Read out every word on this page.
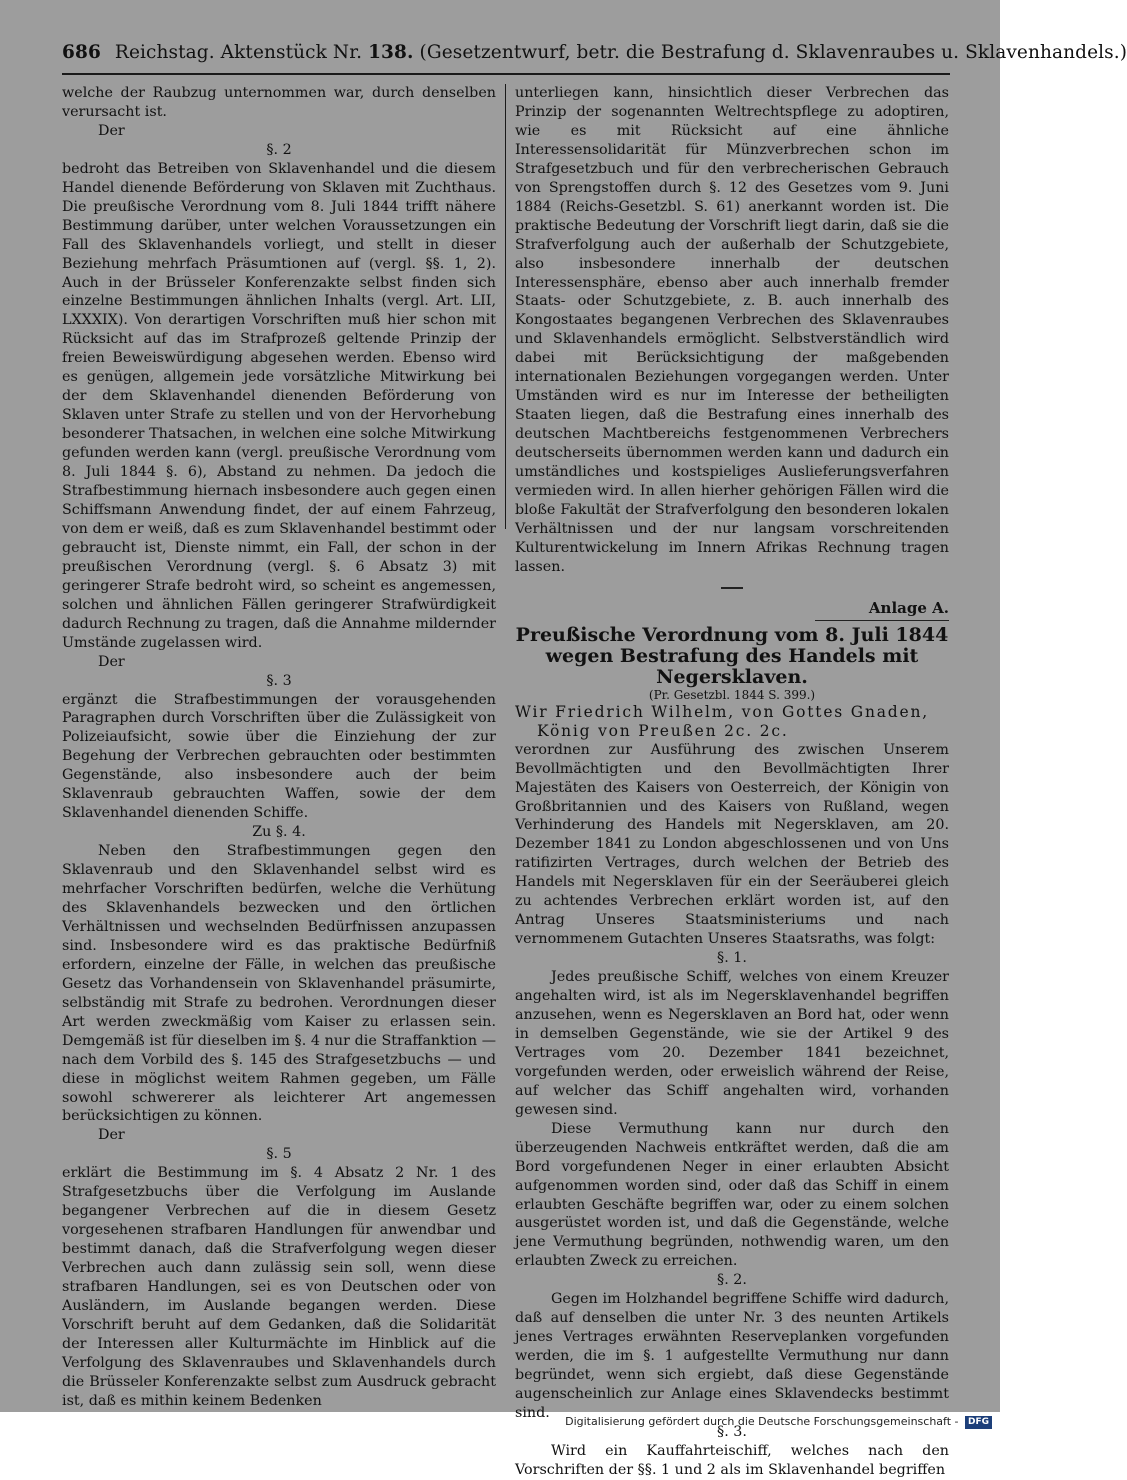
686 Reichstag. Aktenstück Nr. 138. (Gesetzentwurf, betr. die Bestrafung d. Sklavenraubes u. Sklavenhandels.)

welche der Raubzug unternommen war, durch denselben verursacht ist.

Der

§. 2

bedroht das Betreiben von Sklavenhandel und die diesem Handel dienende Beförderung von Sklaven mit Zuchthaus. Die preußische Verordnung vom 8. Juli 1844 trifft nähere Bestimmung darüber, unter welchen Voraussetzungen ein Fall des Sklavenhandels vorliegt, und stellt in dieser Beziehung mehrfach Präsumtionen auf (vergl. §§. 1, 2). Auch in der Brüsseler Konferenzakte selbst finden sich einzelne Bestimmungen ähnlichen Inhalts (vergl. Art. LII, LXXXIX). Von derartigen Vorschriften muß hier schon mit Rücksicht auf das im Strafprozeß geltende Prinzip der freien Beweiswürdigung abgesehen werden. Ebenso wird es genügen, allgemein jede vorsätzliche Mitwirkung bei der dem Sklavenhandel dienenden Beförderung von Sklaven unter Strafe zu stellen und von der Hervorhebung besonderer Thatsachen, in welchen eine solche Mitwirkung gefunden werden kann (vergl. preußische Verordnung vom 8. Juli 1844 §. 6), Abstand zu nehmen. Da jedoch die Strafbestimmung hiernach insbesondere auch gegen einen Schiffsmann Anwendung findet, der auf einem Fahrzeug, von dem er weiß, daß es zum Sklavenhandel bestimmt oder gebraucht ist, Dienste nimmt, ein Fall, der schon in der preußischen Verordnung (vergl. §. 6 Absatz 3) mit geringerer Strafe bedroht wird, so scheint es angemessen, solchen und ähnlichen Fällen geringerer Strafwürdigkeit dadurch Rechnung zu tragen, daß die Annahme mildernder Umstände zugelassen wird.

Der

§. 3

ergänzt die Strafbestimmungen der vorausgehenden Paragraphen durch Vorschriften über die Zulässigkeit von Polizeiaufsicht, sowie über die Einziehung der zur Begehung der Verbrechen gebrauchten oder bestimmten Gegenstände, also insbesondere auch der beim Sklavenraub gebrauchten Waffen, sowie der dem Sklavenhandel dienenden Schiffe.

Zu §. 4.

Neben den Strafbestimmungen gegen den Sklavenraub und den Sklavenhandel selbst wird es mehrfacher Vorschriften bedürfen, welche die Verhütung des Sklavenhandels bezwecken und den örtlichen Verhältnissen und wechselnden Bedürfnissen anzupassen sind. Insbesondere wird es das praktische Bedürfniß erfordern, einzelne der Fälle, in welchen das preußische Gesetz das Vorhandensein von Sklavenhandel präsumirte, selbständig mit Strafe zu bedrohen. Verordnungen dieser Art werden zweckmäßig vom Kaiser zu erlassen sein. Demgemäß ist für dieselben im §. 4 nur die Straffanktion — nach dem Vorbild des §. 145 des Strafgesetzbuchs — und diese in möglichst weitem Rahmen gegeben, um Fälle sowohl schwererer als leichterer Art angemessen berücksichtigen zu können.

Der

§. 5

erklärt die Bestimmung im §. 4 Absatz 2 Nr. 1 des Strafgesetzbuchs über die Verfolgung im Auslande begangener Verbrechen auf die in diesem Gesetz vorgesehenen strafbaren Handlungen für anwendbar und bestimmt danach, daß die Strafverfolgung wegen dieser Verbrechen auch dann zulässig sein soll, wenn diese strafbaren Handlungen, sei es von Deutschen oder von Ausländern, im Auslande begangen werden. Diese Vorschrift beruht auf dem Gedanken, daß die Solidarität der Interessen aller Kulturmächte im Hinblick auf die Verfolgung des Sklavenraubes und Sklavenhandels durch die Brüsseler Konferenzakte selbst zum Ausdruck gebracht ist, daß es mithin keinem Bedenken

unterliegen kann, hinsichtlich dieser Verbrechen das Prinzip der sogenannten Weltrechtspflege zu adoptiren, wie es mit Rücksicht auf eine ähnliche Interessensolidarität für Münzverbrechen schon im Strafgesetzbuch und für den verbrecherischen Gebrauch von Sprengstoffen durch §. 12 des Gesetzes vom 9. Juni 1884 (Reichs-Gesetzbl. S. 61) anerkannt worden ist. Die praktische Bedeutung der Vorschrift liegt darin, daß sie die Strafverfolgung auch der außerhalb der Schutzgebiete, also insbesondere innerhalb der deutschen Interessensphäre, ebenso aber auch innerhalb fremder Staats- oder Schutzgebiete, z. B. auch innerhalb des Kongostaates begangenen Verbrechen des Sklavenraubes und Sklavenhandels ermöglicht. Selbstverständlich wird dabei mit Berücksichtigung der maßgebenden internationalen Beziehungen vorgegangen werden. Unter Umständen wird es nur im Interesse der betheiligten Staaten liegen, daß die Bestrafung eines innerhalb des deutschen Machtbereichs festgenommenen Verbrechers deutscherseits übernommen werden kann und dadurch ein umständliches und kostspieliges Auslieferungsverfahren vermieden wird. In allen hierher gehörigen Fällen wird die bloße Fakultät der Strafverfolgung den besonderen lokalen Verhältnissen und der nur langsam vorschreitenden Kulturentwickelung im Innern Afrikas Rechnung tragen lassen.

Anlage A.

Preußische Verordnung vom 8. Juli 1844 wegen Bestrafung des Handels mit Negersklaven.

(Pr. Gesetzbl. 1844 S. 399.)

Wir Friedrich Wilhelm, von Gottes Gnaden, König von Preußen 2c. 2c.

verordnen zur Ausführung des zwischen Unserem Bevollmächtigten und den Bevollmächtigten Ihrer Majestäten des Kaisers von Oesterreich, der Königin von Großbritannien und des Kaisers von Rußland, wegen Verhinderung des Handels mit Negersklaven, am 20. Dezember 1841 zu London abgeschlossenen und von Uns ratifizirten Vertrages, durch welchen der Betrieb des Handels mit Negersklaven für ein der Seeräuberei gleich zu achtendes Verbrechen erklärt worden ist, auf den Antrag Unseres Staatsministeriums und nach vernommenem Gutachten Unseres Staatsraths, was folgt:

§. 1.

Jedes preußische Schiff, welches von einem Kreuzer angehalten wird, ist als im Negersklavenhandel begriffen anzusehen, wenn es Negersklaven an Bord hat, oder wenn in demselben Gegenstände, wie sie der Artikel 9 des Vertrages vom 20. Dezember 1841 bezeichnet, vorgefunden werden, oder erweislich während der Reise, auf welcher das Schiff angehalten wird, vorhanden gewesen sind.

Diese Vermuthung kann nur durch den überzeugenden Nachweis entkräftet werden, daß die am Bord vorgefundenen Neger in einer erlaubten Absicht aufgenommen worden sind, oder daß das Schiff in einem erlaubten Geschäfte begriffen war, oder zu einem solchen ausgerüstet worden ist, und daß die Gegenstände, welche jene Vermuthung begründen, nothwendig waren, um den erlaubten Zweck zu erreichen.

§. 2.

Gegen im Holzhandel begriffene Schiffe wird dadurch, daß auf denselben die unter Nr. 3 des neunten Artikels jenes Vertrages erwähnten Reserveplanken vorgefunden werden, die im §. 1 aufgestellte Vermuthung nur dann begründet, wenn sich ergiebt, daß diese Gegenstände augenscheinlich zur Anlage eines Sklavendecks bestimmt sind.

§. 3.

Wird ein Kauffahrteischiff, welches nach den Vorschriften der §§. 1 und 2 als im Sklavenhandel begriffen

Digitalisierung gefördert durch die Deutsche Forschungsgemeinschaft - DFG
